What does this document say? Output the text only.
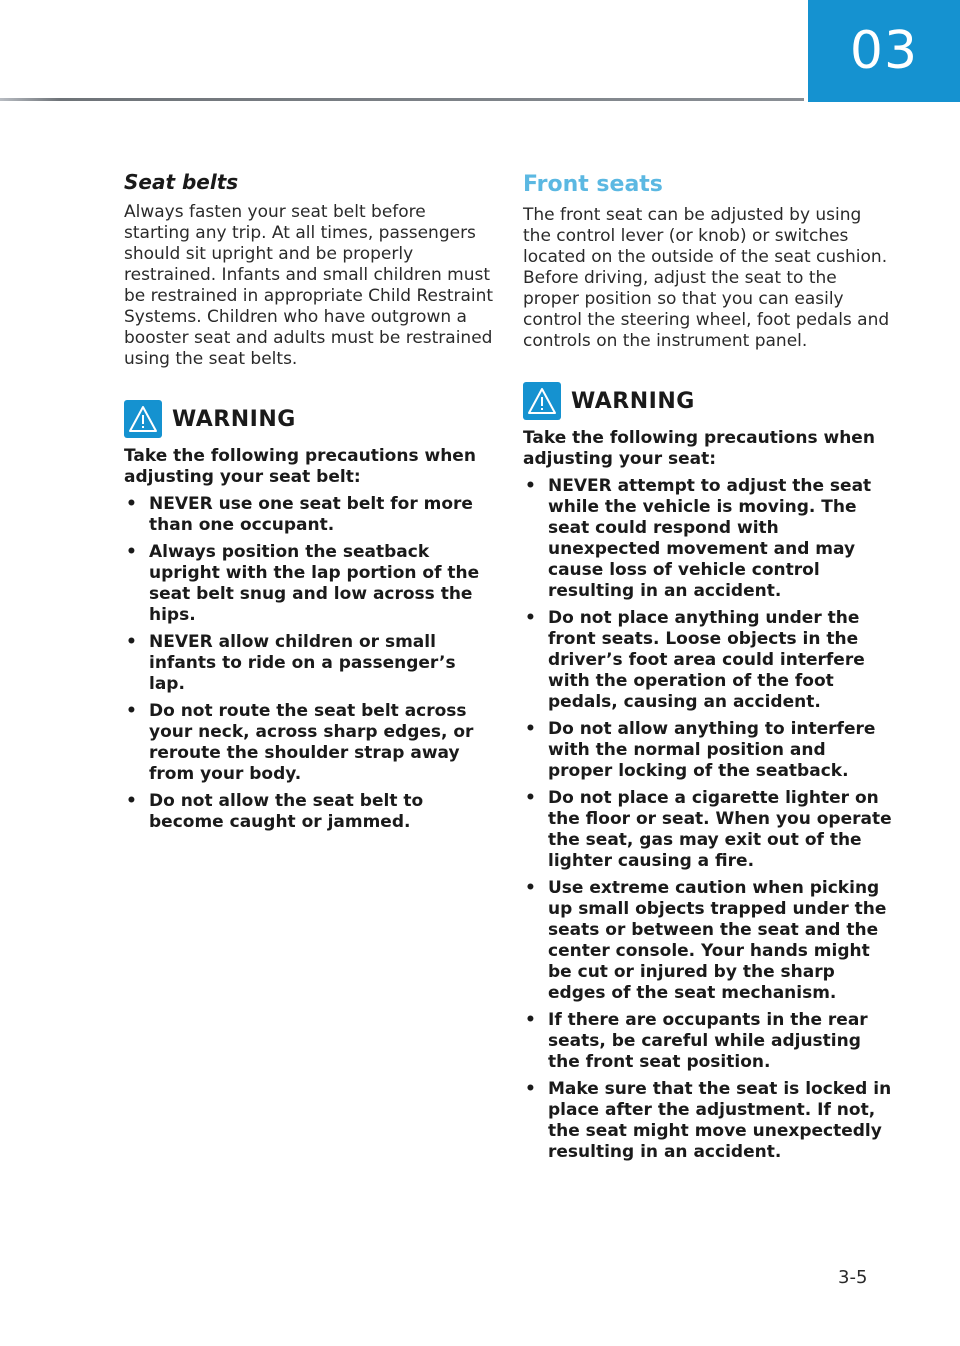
03
Seat belts

Always fasten your seat belt before starting any trip. At all times, passengers should sit upright and be properly restrained. Infants and small children must be restrained in appropriate Child Restraint Systems. Children who have outgrown a booster seat and adults must be restrained using the seat belts.

WARNING

Take the following precautions when adjusting your seat belt:

• NEVER use one seat belt for more than one occupant.
• Always position the seatback upright with the lap portion of the seat belt snug and low across the hips.
• NEVER allow children or small infants to ride on a passenger’s lap.
• Do not route the seat belt across your neck, across sharp edges, or reroute the shoulder strap away from your body.
• Do not allow the seat belt to become caught or jammed.
Front seats

The front seat can be adjusted by using the control lever (or knob) or switches located on the outside of the seat cushion. Before driving, adjust the seat to the proper position so that you can easily control the steering wheel, foot pedals and controls on the instrument panel.

WARNING

Take the following precautions when adjusting your seat:

• NEVER attempt to adjust the seat while the vehicle is moving. The seat could respond with unexpected movement and may cause loss of vehicle control resulting in an accident.
• Do not place anything under the front seats. Loose objects in the driver’s foot area could interfere with the operation of the foot pedals, causing an accident.
• Do not allow anything to interfere with the normal position and proper locking of the seatback.
• Do not place a cigarette lighter on the floor or seat. When you operate the seat, gas may exit out of the lighter causing a fire.
• Use extreme caution when picking up small objects trapped under the seats or between the seat and the center console. Your hands might be cut or injured by the sharp edges of the seat mechanism.
• If there are occupants in the rear seats, be careful while adjusting the front seat position.
• Make sure that the seat is locked in place after the adjustment. If not, the seat might move unexpectedly resulting in an accident.
3-5
